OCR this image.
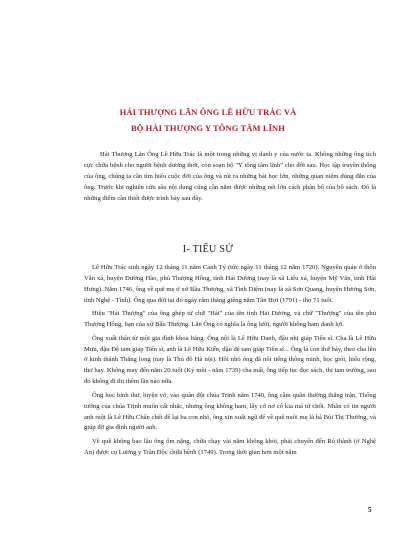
HẢI THƯỢNG LÃN ÔNG LÊ HỮU TRÁC VÀ
BỘ HẢI THƯỢNG Y TÔNG TÂM LĨNH

Hải Thượng Lãn Ông Lê Hữu Trác là một trong những vị danh y của nước ta. Không những ông tích cực chữa bệnh cho người bệnh dương thời, còn soạn bộ "Y tông tâm lĩnh" cho đời sau. Học tập truyền thống của ông, chúng ta cần tìm hiểu cuộc đời của ông và rút ra những bài học lớn, những quan niệm đúng đắn của ông. Trước khi nghiên cứu sâu nội dung cũng cần nắm được những nét lớn cách phân bố của bộ sách. Đó là những điểm cần thiết được trình bày sau đây.

I- TIỂU SỬ

Lê Hữu Trác sinh ngày 12 tháng 11 năm Canh Tý (tức ngày 11 tháng 12 năm 1720). Nguyên quán ở thôn Văn xá, huyện Đường Hào, phủ Thượng Hồng, tỉnh Hải Dương (nay là xã Liêu xá, huyện Mỹ Văn, tỉnh Hải Hưng). Năm 1746, ông về quê mẹ ở xứ Bầu Thượng, xã Tình Diệm (nay là xã Sơn Quang, huyện Hương Sơn, tỉnh Nghệ - Tĩnh). Ông qua đời tại đó ngày rằm tháng giêng năm Tân Hợi (1791) - thọ 71 tuổi.

Hiệu "Hải Thượng" của ông ghép từ chữ "Hải" của tên tỉnh Hải Dương, và chữ "Thượng" của tên phủ Thượng Hồng, bạn của xứ Bầu Thượng. Lãn Ông có nghĩa là ông lười, người không ham danh lợi.

Ông xuất thân từ một gia đình khoa bảng. Ông nội là Lê Hữu Danh, đậu nhị giáp Tiến sĩ. Cha là Lê Hữu Mưu, đậu Đệ tam giáp Tiến sĩ, anh là Lê Hữu Kiển, đậu đệ tam giáp Tiến sĩ... Ông là con thứ bảy, theo cha lên ở kinh thành Thăng long (nay là Thủ đô Hà nội). Hồi nhỏ ông đã nổi tiếng thông minh, học giỏi, hiếu rộng, thơ hay. Không may đến năm 20 tuổi (Kỷ mùi - năm 1739) cha mất, ông tiếp tục đọc sách, thi tam trường, sau đó không đi thi thêm lần nào nữa.

Ông học binh thư, luyện võ, vào quân đội chúa Trịnh năm 1740, ông cầm quân thường thắng trận, Thống tướng của chúa Trịnh muốn cất nhắc, nhưng ông không ham, lấy cớ nơ cố kia mà từ chối. Nhân có tin người anh ruột là Lê Hữu Chẩn chết để lại ba con nhỏ, ông xin xuất ngũ để về quê nuôi mẹ là bà Bùi Thị Thường, và giúp đỡ gia đình người anh.

Về quê không bao lâu ông ốm nặng, chữa chạy vài năm không khỏi, phải chuyển đến Rú thành (ở Nghệ An) được cụ Lương y Trần Độc chữa bệnh (1749). Trong thời gian hơn một năm

5
